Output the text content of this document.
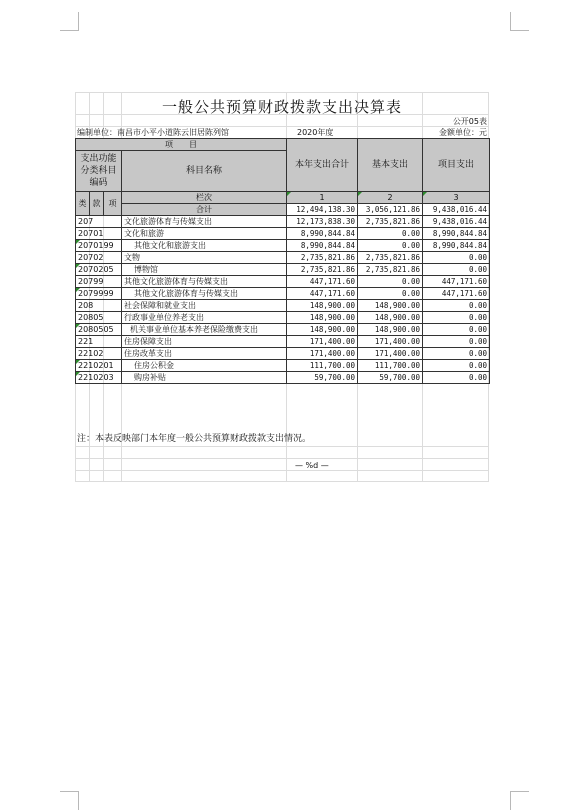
一般公共预算财政拨款支出决算表
公开05表
编制单位：南昌市小平小道陈云旧居陈列馆	2020年度	金额单位：元
项　　目				本年支出合计	基本支出	项目支出
支出功能分类科目编码			科目名称			

类	款	项	栏次	1	2	3
			合计	12,494,138.30	3,056,121.86	9,438,016.44
207			文化旅游体育与传媒支出	12,173,838.30	2,735,821.86	9,438,016.44
20701			文化和旅游	8,990,844.84	0.00	8,990,844.84
2070199			其他文化和旅游支出	8,990,844.84	0.00	8,990,844.84
20702			文物	2,735,821.86	2,735,821.86	0.00
2070205			博物馆	2,735,821.86	2,735,821.86	0.00
20799			其他文化旅游体育与传媒支出	447,171.60	0.00	447,171.60
2079999			其他文化旅游体育与传媒支出	447,171.60	0.00	447,171.60
208			社会保障和就业支出	148,900.00	148,900.00	0.00
20805			行政事业单位养老支出	148,900.00	148,900.00	0.00
2080505			机关事业单位基本养老保险缴费支出	148,900.00	148,900.00	0.00
221			住房保障支出	171,400.00	171,400.00	0.00
22102			住房改革支出	171,400.00	171,400.00	0.00
2210201			住房公积金	111,700.00	111,700.00	0.00
2210203			购房补贴	59,700.00	59,700.00	0.00
注：本表反映部门本年度一般公共预算财政拨款支出情况。
— %d —
